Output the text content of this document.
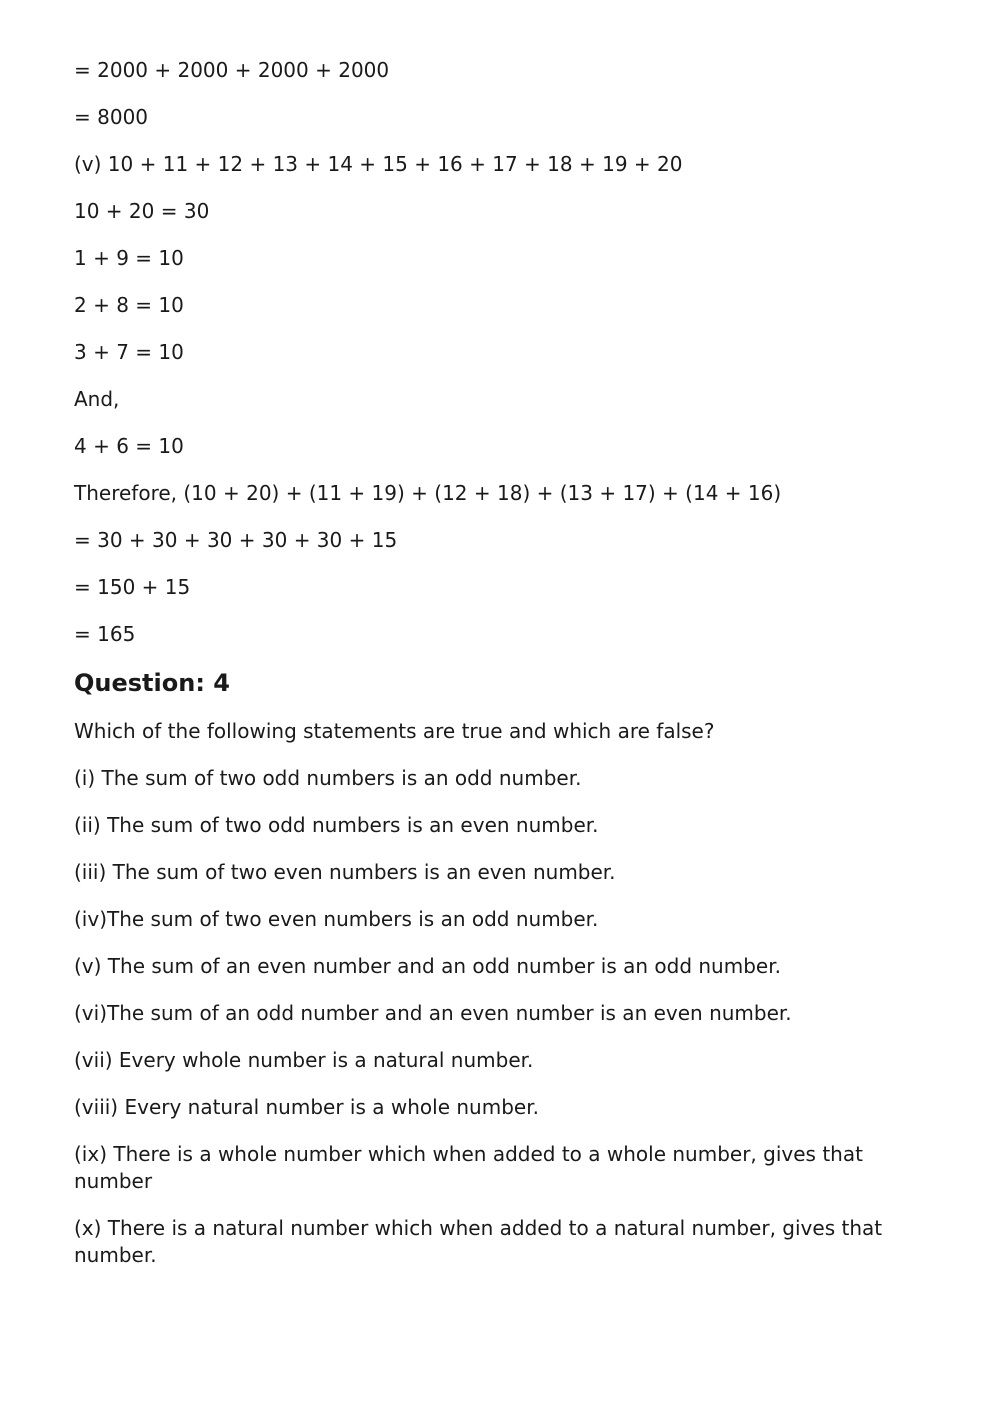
= 2000 + 2000 + 2000 + 2000

= 8000

(v) 10 + 11 + 12 + 13 + 14 + 15 + 16 + 17 + 18 + 19 + 20

10 + 20 = 30

1 + 9 = 10

2 + 8 = 10

3 + 7 = 10

And,

4 + 6 = 10

Therefore, (10 + 20) + (11 + 19) + (12 + 18) + (13 + 17) + (14 + 16)

= 30 + 30 + 30 + 30 + 30 + 15

= 150 + 15

= 165

Question: 4

Which of the following statements are true and which are false?

(i) The sum of two odd numbers is an odd number.

(ii) The sum of two odd numbers is an even number.

(iii) The sum of two even numbers is an even number.

(iv)The sum of two even numbers is an odd number.

(v) The sum of an even number and an odd number is an odd number.

(vi)The sum of an odd number and an even number is an even number.

(vii) Every whole number is a natural number.

(viii) Every natural number is a whole number.

(ix) There is a whole number which when added to a whole number, gives that number

(x) There is a natural number which when added to a natural number, gives that number.
